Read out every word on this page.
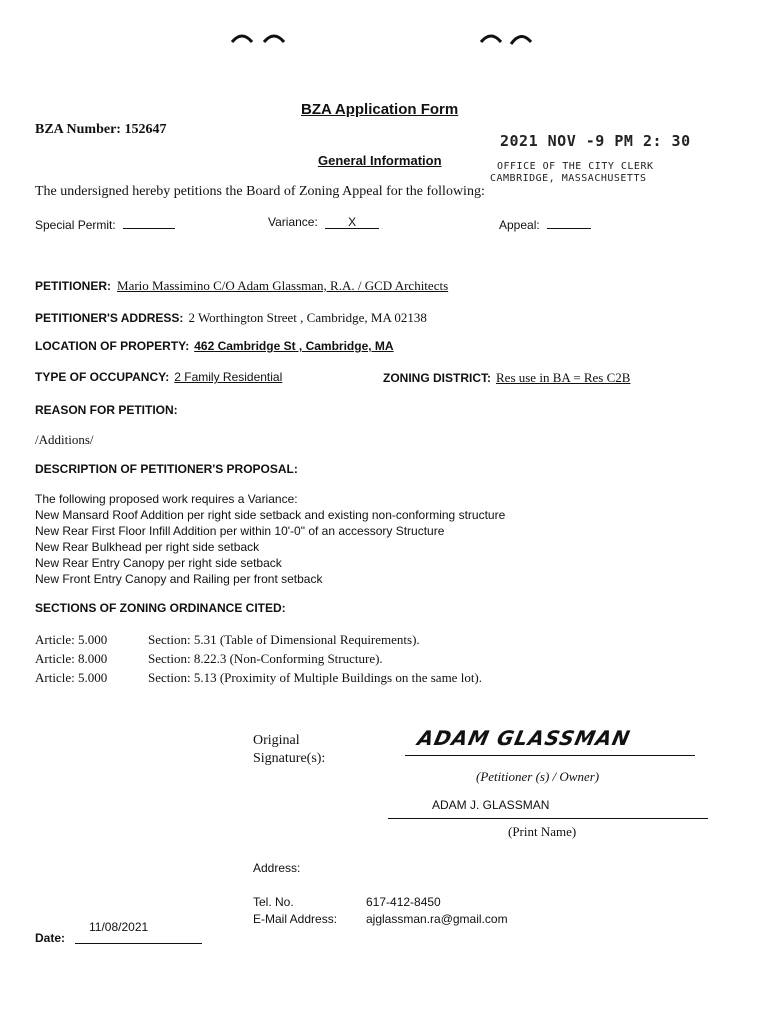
BZA Application Form
BZA Number: 152647
General Information
2021 NOV -9 PM 2: 30
OFFICE OF THE CITY CLERK
CAMBRIDGE, MASSACHUSETTS
The undersigned hereby petitions the Board of Zoning Appeal for the following:
Special Permit:	Variance:	X	Appeal:
PETITIONER: Mario Massimino C/O Adam Glassman, R.A. / GCD Architects
PETITIONER'S ADDRESS: 2 Worthington Street , Cambridge, MA 02138
LOCATION OF PROPERTY: 462 Cambridge St , Cambridge, MA
TYPE OF OCCUPANCY: 2 Family Residential	ZONING DISTRICT: Res use in BA = Res C2B
REASON FOR PETITION:
/Additions/
DESCRIPTION OF PETITIONER'S PROPOSAL:
The following proposed work requires a Variance:
New Mansard Roof Addition per right side setback and existing non-conforming structure
New Rear First Floor Infill Addition per within 10'-0" of an accessory Structure
New Rear Bulkhead per right side setback
New Rear Entry Canopy per right side setback
New Front Entry Canopy and Railing per front setback
SECTIONS OF ZONING ORDINANCE CITED:
Article: 5.000	Section: 5.31 (Table of Dimensional Requirements).
Article: 8.000	Section: 8.22.3 (Non-Conforming Structure).
Article: 5.000	Section: 5.13 (Proximity of Multiple Buildings on the same lot).
Original
Signature(s):
ADAM GLASSMAN
(Petitioner (s) / Owner)
ADAM J. GLASSMAN
(Print Name)
Address:
Tel. No.	617-412-8450
E-Mail Address: ajglassman.ra@gmail.com
Date:
11/08/2021
